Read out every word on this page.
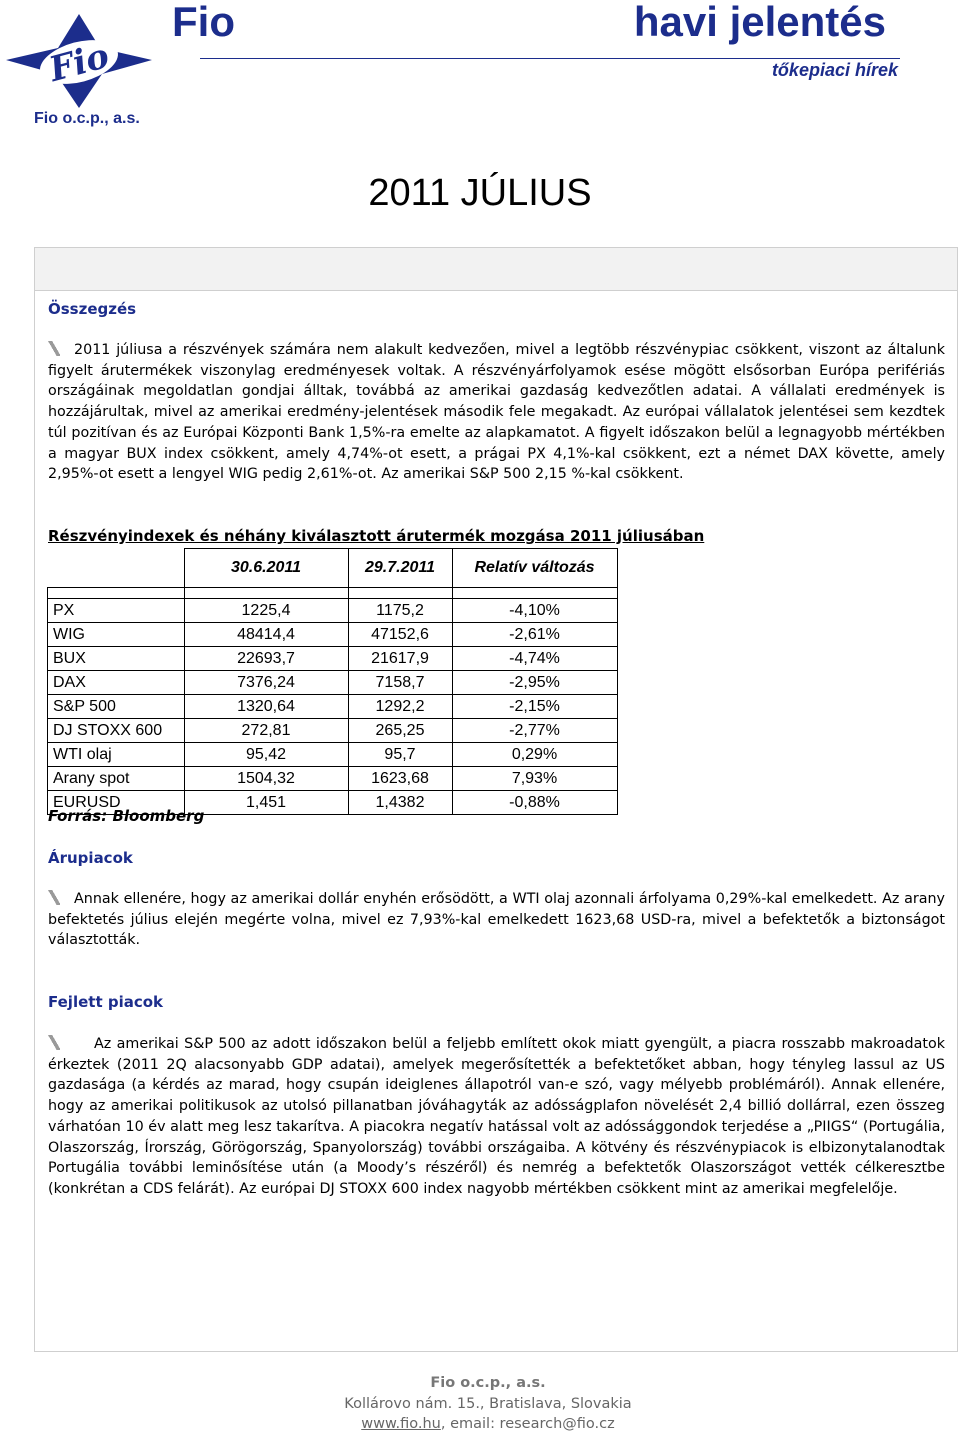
Fio
Fio	havi jelentés
tőkepiaci hírek
Fio o.c.p., a.s.
2011 JÚLIUS
Összegzés
2011 júliusa a részvények számára nem alakult kedvezően, mivel a legtöbb részvénypiac csökkent, viszont az általunk figyelt árutermékek viszonylag eredményesek voltak. A részvényárfolyamok esése mögött elsősorban Európa perifériás országáinak megoldatlan gondjai álltak, továbbá az amerikai gazdaság kedvezőtlen adatai. A vállalati eredmények is hozzájárultak, mivel az amerikai eredmény-jelentések második fele megakadt. Az európai vállalatok jelentései sem kezdtek túl pozitívan és az Európai Központi Bank 1,5%-ra emelte az alapkamatot. A figyelt időszakon belül a legnagyobb mértékben a magyar BUX index csökkent, amely 4,74%-ot esett, a prágai PX 4,1%-kal csökkent, ezt a német DAX követte, amely 2,95%-ot esett a lengyel WIG pedig 2,61%-ot. Az amerikai S&P 500 2,15 %-kal csökkent.
Részvényindexek és néhány kiválasztott árutermék mozgása 2011 júliusában
	30.6.2011	29.7.2011	Relatív változás

PX	1225,4	1175,2	-4,10%
WIG	48414,4	47152,6	-2,61%
BUX	22693,7	21617,9	-4,74%
DAX	7376,24	7158,7	-2,95%
S&P 500	1320,64	1292,2	-2,15%
DJ STOXX 600	272,81	265,25	-2,77%
WTI olaj	95,42	95,7	0,29%
Arany spot	1504,32	1623,68	7,93%
EURUSD	1,451	1,4382	-0,88%
Forrás: Bloomberg
Árupiacok
Annak ellenére, hogy az amerikai dollár enyhén erősödött, a WTI olaj azonnali árfolyama 0,29%-kal emelkedett. Az arany befektetés július elején megérte volna, mivel ez 7,93%-kal emelkedett 1623,68 USD-ra, mivel a befektetők a biztonságot választották.
Fejlett piacok
Az amerikai S&P 500 az adott időszakon belül a feljebb említett okok miatt gyengült, a piacra rosszabb makroadatok érkeztek (2011 2Q alacsonyabb GDP adatai), amelyek megerősítették a befektetőket abban, hogy tényleg lassul az US gazdasága (a kérdés az marad, hogy csupán ideiglenes állapotról van-e szó, vagy mélyebb problémáról). Annak ellenére, hogy az amerikai politikusok az utolsó pillanatban jóváhagyták az adósságplafon növelését 2,4 billió dollárral, ezen összeg várhatóan 10 év alatt meg lesz takarítva. A piacokra negatív hatással volt az adóssággondok terjedése a „PIIGS“ (Portugália, Olaszország, Írország, Görögország, Spanyolország) további országaiba. A kötvény és részvénypiacok is elbizonytalanodtak Portugália további leminősítése után (a Moody’s részéről) és nemrég a befektetők Olaszországot vették célkeresztbe (konkrétan a CDS felárát). Az európai DJ STOXX 600 index nagyobb mértékben csökkent mint az amerikai megfelelője.
Fio o.c.p., a.s.
Kollárovo nám. 15., Bratislava, Slovakia
www.fio.hu, email: research@fio.cz
